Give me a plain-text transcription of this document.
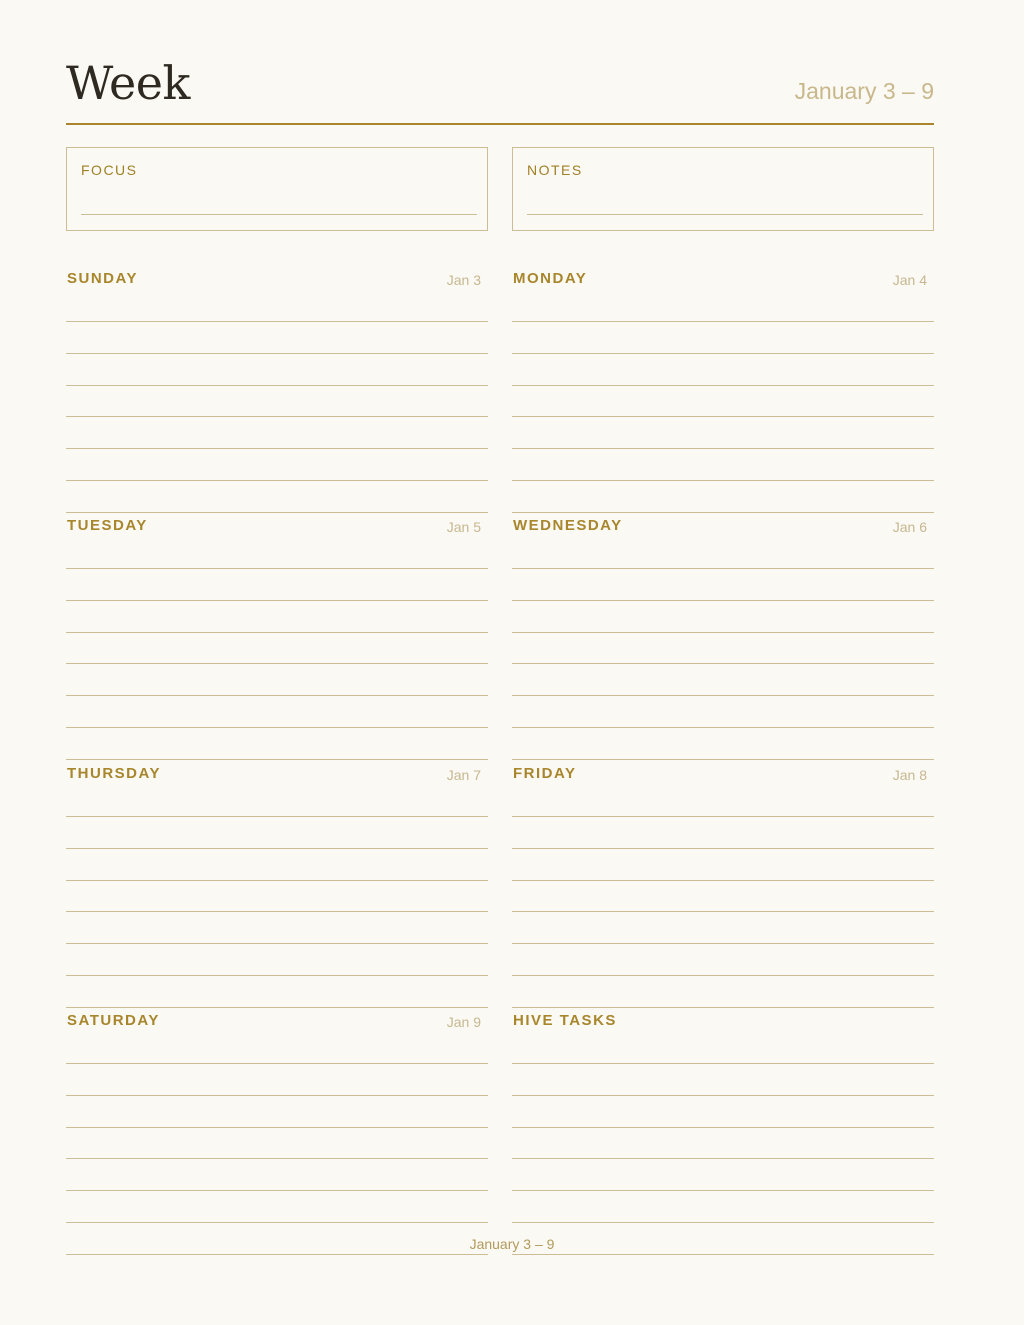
Week	January 3 – 9
FOCUS	NOTES
SUNDAY	Jan 3 MONDAY	Jan 4
TUESDAY	Jan 5 WEDNESDAY	Jan 6
THURSDAY	Jan 7 FRIDAY	Jan 8
SATURDAY	Jan 9 HIVE TASKS
January 3 – 9
